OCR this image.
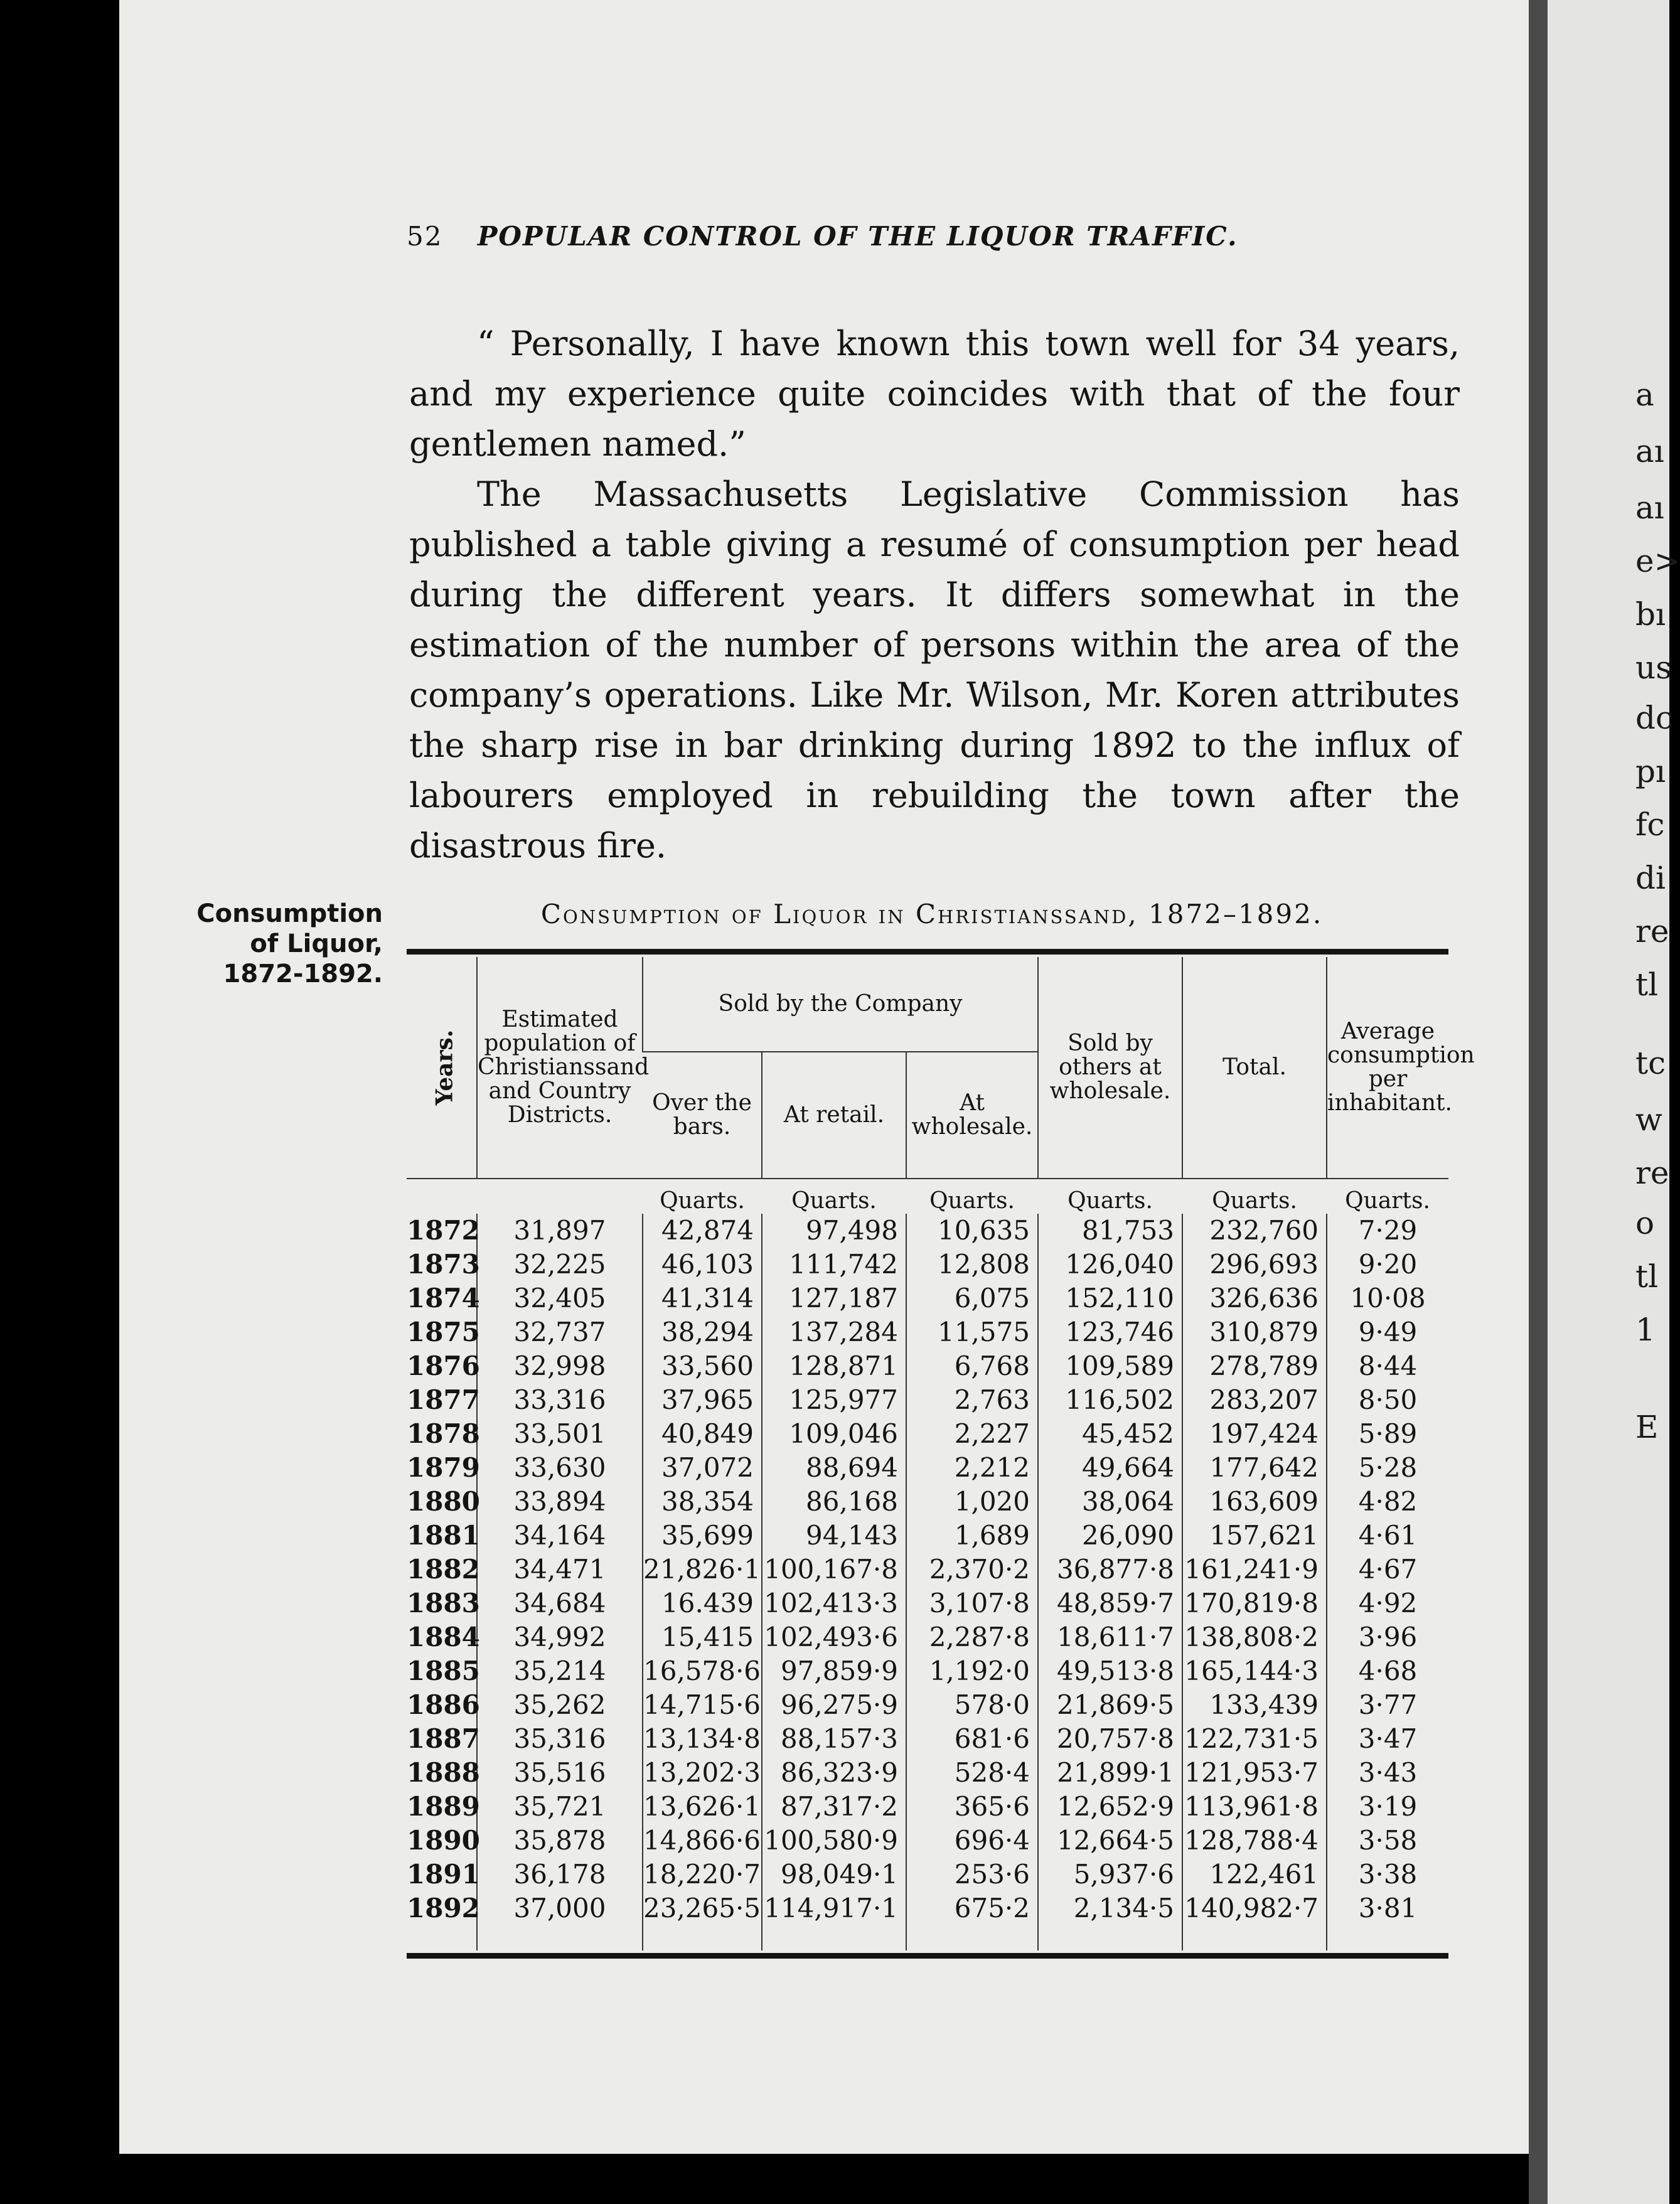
a
aı
aı
e>
bı
us
dc
pı
fc
di
re
tl
tc
w
re
o
tl
1
E
52 POPULAR CONTROL OF THE LIQUOR TRAFFIC.

“ Personally, I have known this town well for 34 years, and my experience quite coincides with that of the four gentlemen named.”

The Massachusetts Legislative Commission has published a table giving a resumé of consumption per head during the different years. It differs somewhat in the estimation of the number of persons within the area of the company’s operations. Like Mr. Wilson, Mr. Koren attributes the sharp rise in bar drinking during 1892 to the influx of labourers employed in rebuilding the town after the disastrous fire.

Consumption
of Liquor,
1872-1892.
Consumption of Liquor in Christianssand, 1872–1892.
Years.	Estimated population of Christianssand and Country Districts.	Sold by the Company			Sold by others at wholesale.	Total.	Average consumption per inhabitant.
		Over the bars.	At retail.	At wholesale.			
		Quarts.	Quarts.	Quarts.	Quarts.	Quarts.	Quarts.
1872	31,897	42,874	97,498	10,635	81,753	232,760	7·29
1873	32,225	46,103	111,742	12,808	126,040	296,693	9·20
1874	32,405	41,314	127,187	6,075	152,110	326,636	10·08
1875	32,737	38,294	137,284	11,575	123,746	310,879	9·49
1876	32,998	33,560	128,871	6,768	109,589	278,789	8·44
1877	33,316	37,965	125,977	2,763	116,502	283,207	8·50
1878	33,501	40,849	109,046	2,227	45,452	197,424	5·89
1879	33,630	37,072	88,694	2,212	49,664	177,642	5·28
1880	33,894	38,354	86,168	1,020	38,064	163,609	4·82
1881	34,164	35,699	94,143	1,689	26,090	157,621	4·61
1882	34,471	21,826·1	100,167·8	2,370·2	36,877·8	161,241·9	4·67
1883	34,684	16.439	102,413·3	3,107·8	48,859·7	170,819·8	4·92
1884	34,992	15,415	102,493·6	2,287·8	18,611·7	138,808·2	3·96
1885	35,214	16,578·6	97,859·9	1,192·0	49,513·8	165,144·3	4·68
1886	35,262	14,715·6	96,275·9	578·0	21,869·5	133,439	3·77
1887	35,316	13,134·8	88,157·3	681·6	20,757·8	122,731·5	3·47
1888	35,516	13,202·3	86,323·9	528·4	21,899·1	121,953·7	3·43
1889	35,721	13,626·1	87,317·2	365·6	12,652·9	113,961·8	3·19
1890	35,878	14,866·6	100,580·9	696·4	12,664·5	128,788·4	3·58
1891	36,178	18,220·7	98,049·1	253·6	5,937·6	122,461	3·38
1892	37,000	23,265·5	114,917·1	675·2	2,134·5	140,982·7	3·81
